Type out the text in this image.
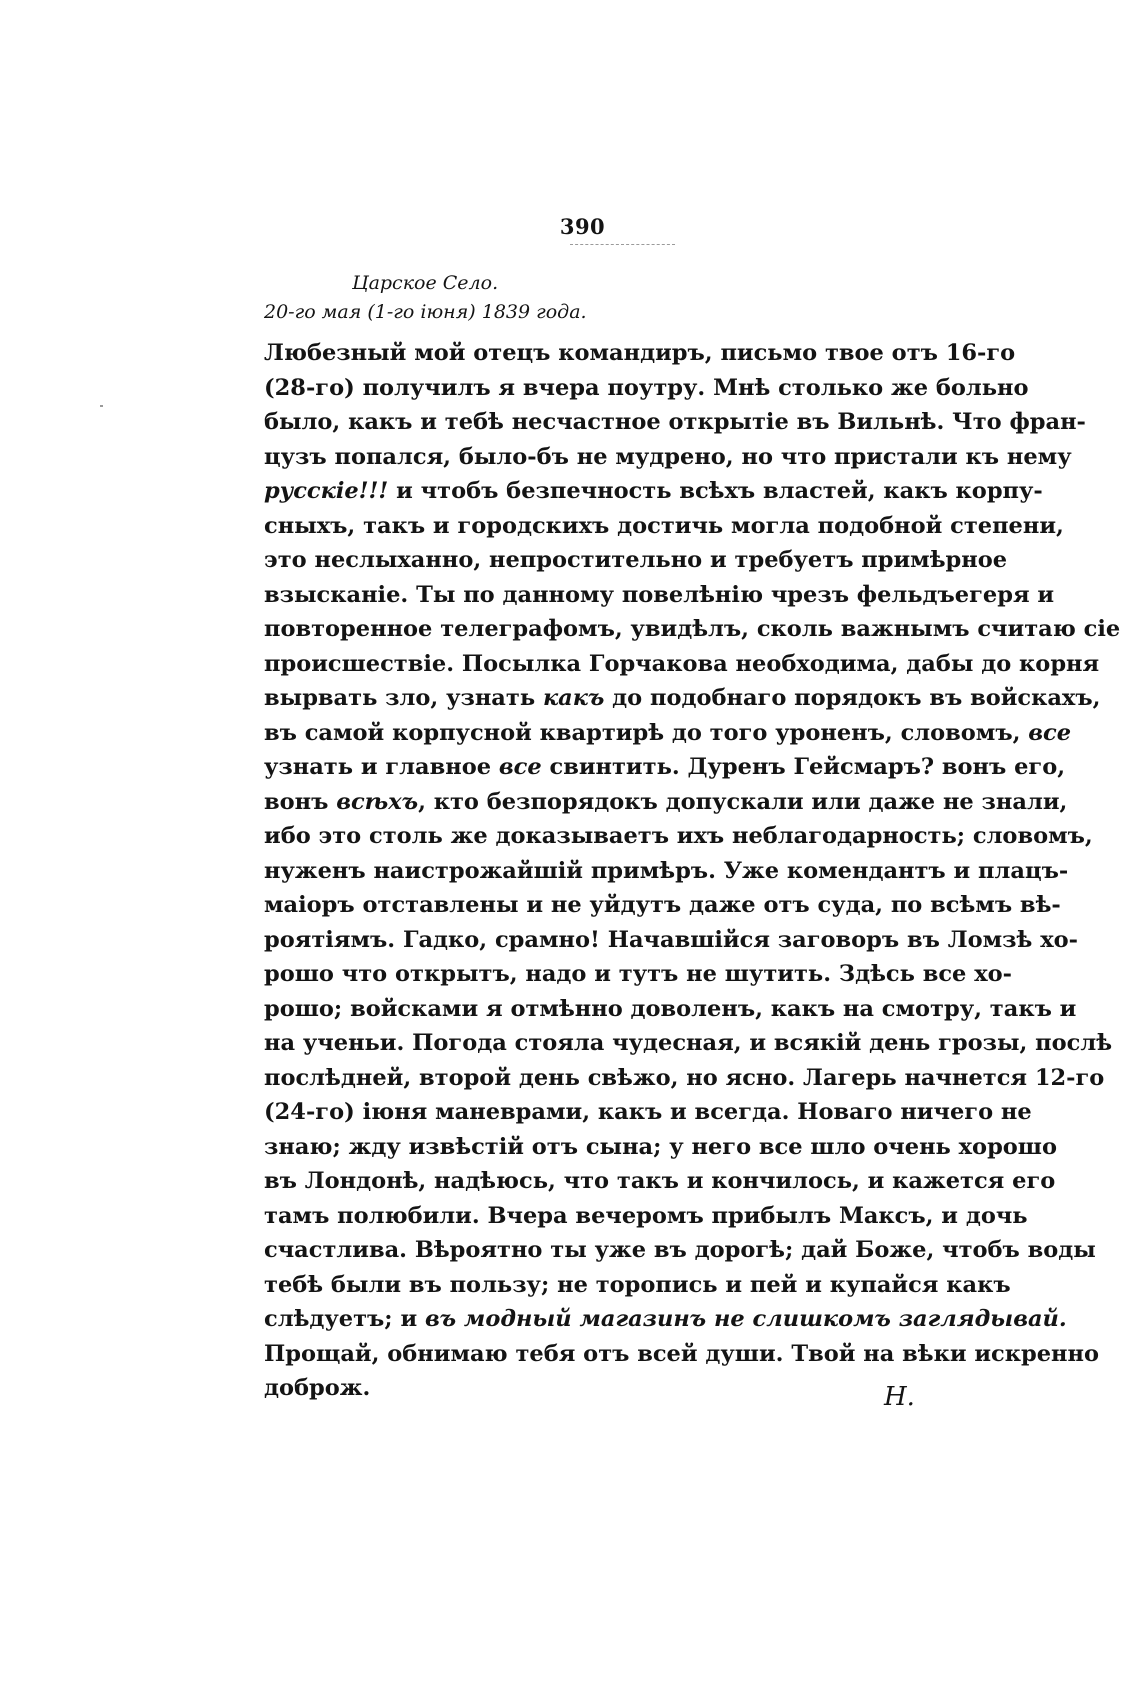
390
Царское Село.
20-го мая (1-го іюня) 1839 года.
Любезный мой отецъ командиръ, письмо твое отъ 16-го
(28-го) получилъ я вчера поутру. Мнѣ столько же больно
было, какъ и тебѣ несчастное открытіе въ Вильнѣ. Что фран-
цузъ попался, было-бъ не мудрено, но что пристали къ нему
русскіе!!! и чтобъ безпечность всѣхъ властей, какъ корпу-
сныхъ, такъ и городскихъ достичь могла подобной степени,
это неслыханно, непростительно и требуетъ примѣрное
взысканіе. Ты по данному повелѣнію чрезъ фельдъегеря и
повторенное телеграфомъ, увидѣлъ, сколь важнымъ считаю сіе
происшествіе. Посылка Горчакова необходима, дабы до корня
вырвать зло, узнать какъ до подобнаго порядокъ въ войскахъ,
въ самой корпусной квартирѣ до того уроненъ, словомъ, все
узнать и главное все свинтить. Дуренъ Гейсмаръ? вонъ его,
вонъ всѣхъ, кто безпорядокъ допускали или даже не знали,
ибо это столь же доказываетъ ихъ неблагодарность; словомъ,
нуженъ наистрожайшій примѣръ. Уже комендантъ и плацъ-
маіоръ отставлены и не уйдутъ даже отъ суда, по всѣмъ вѣ-
роятіямъ. Гадко, срамно! Начавшійся заговоръ въ Ломзѣ хо-
рошо что открытъ, надо и тутъ не шутить. Здѣсь все хо-
рошо; войсками я отмѣнно доволенъ, какъ на смотру, такъ и
на ученьи. Погода стояла чудесная, и всякій день грозы, послѣ
послѣдней, второй день свѣжо, но ясно. Лагерь начнется 12-го
(24-го) іюня маневрами, какъ и всегда. Новаго ничего не
знаю; жду извѣстій отъ сына; у него все шло очень хорошо
въ Лондонѣ, надѣюсь, что такъ и кончилось, и кажется его
тамъ полюбили. Вчера вечеромъ прибылъ Максъ, и дочь
счастлива. Вѣроятно ты уже въ дорогѣ; дай Боже, чтобъ воды
тебѣ были въ пользу; не торопись и пей и купайся какъ
слѣдуетъ; и въ модный магазинъ не слишкомъ заглядывай.
Прощай, обнимаю тебя отъ всей души. Твой на вѣки искренно
доброж.	Н.
